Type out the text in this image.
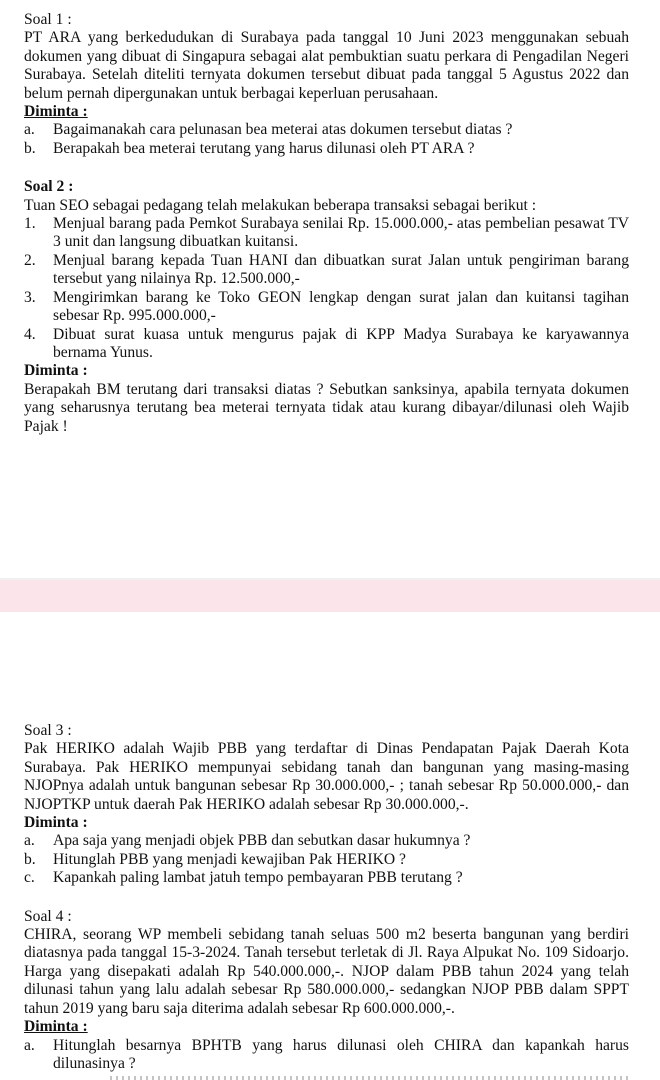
Soal 1 :

PT ARA yang berkedudukan di Surabaya pada tanggal 10 Juni 2023 menggunakan sebuah dokumen yang dibuat di Singapura sebagai alat pembuktian suatu perkara di Pengadilan Negeri Surabaya. Setelah diteliti ternyata dokumen tersebut dibuat pada tanggal 5 Agustus 2022 dan belum pernah dipergunakan untuk berbagai keperluan perusahaan.

Diminta :

a.	Bagaimanakah cara pelunasan bea meterai atas dokumen tersebut diatas ?
b.	Berapakah bea meterai terutang yang harus dilunasi oleh PT ARA ?

Soal 2 :

Tuan SEO sebagai pedagang telah melakukan beberapa transaksi sebagai berikut :

1.	Menjual barang pada Pemkot Surabaya senilai Rp. 15.000.000,- atas pembelian pesawat TV 3 unit dan langsung dibuatkan kuitansi.
2.	Menjual barang kepada Tuan HANI dan dibuatkan surat Jalan untuk pengiriman barang tersebut yang nilainya Rp. 12.500.000,-
3.	Mengirimkan barang ke Toko GEON lengkap dengan surat jalan dan kuitansi tagihan sebesar Rp. 995.000.000,-
4.	Dibuat surat kuasa untuk mengurus pajak di KPP Madya Surabaya ke karyawannya bernama Yunus.

Diminta :

Berapakah BM terutang dari transaksi diatas ? Sebutkan sanksinya, apabila ternyata dokumen yang seharusnya terutang bea meterai ternyata tidak atau kurang dibayar/dilunasi oleh Wajib Pajak !

Soal 3 :

Pak HERIKO adalah Wajib PBB yang terdaftar di Dinas Pendapatan Pajak Daerah Kota Surabaya. Pak HERIKO mempunyai sebidang tanah dan bangunan yang masing-masing NJOPnya adalah untuk bangunan sebesar Rp 30.000.000,- ; tanah sebesar Rp 50.000.000,- dan NJOPTKP untuk daerah Pak HERIKO adalah sebesar Rp 30.000.000,-.

Diminta :

a.	Apa saja yang menjadi objek PBB dan sebutkan dasar hukumnya ?
b.	Hitunglah PBB yang menjadi kewajiban Pak HERIKO ?
c.	Kapankah paling lambat jatuh tempo pembayaran PBB terutang ?

Soal 4 :

CHIRA, seorang WP membeli sebidang tanah seluas 500 m2 beserta bangunan yang berdiri diatasnya pada tanggal 15-3-2024. Tanah tersebut terletak di Jl. Raya Alpukat No. 109 Sidoarjo. Harga yang disepakati adalah Rp 540.000.000,-. NJOP dalam PBB tahun 2024 yang telah dilunasi tahun yang lalu adalah sebesar Rp 580.000.000,- sedangkan NJOP PBB dalam SPPT tahun 2019 yang baru saja diterima adalah sebesar Rp 600.000.000,-.

Diminta :

a.	Hitunglah besarnya BPHTB yang harus dilunasi oleh CHIRA dan kapankah harus dilunasinya ?
